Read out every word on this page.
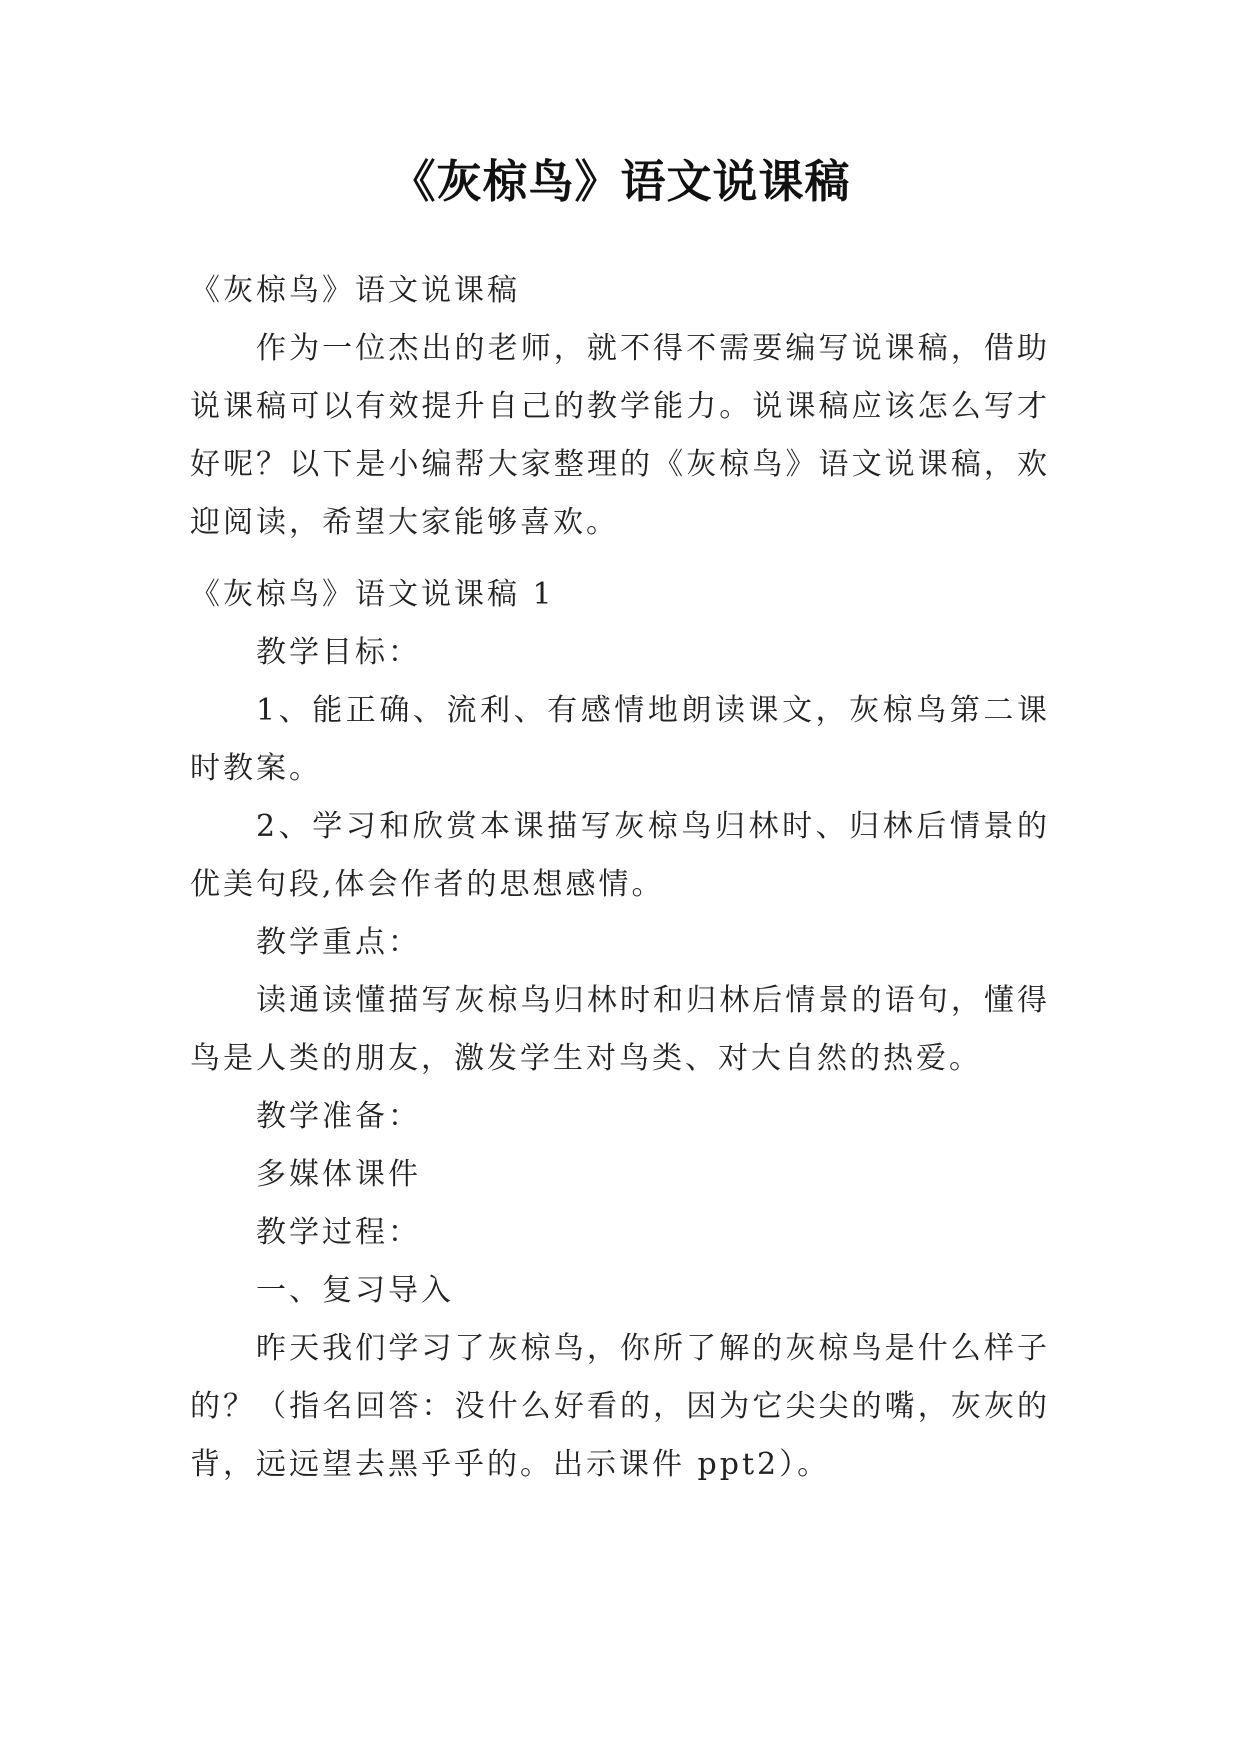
《灰椋鸟》语文说课稿

《灰椋鸟》语文说课稿

作为一位杰出的老师，就不得不需要编写说课稿，借助说课稿可以有效提升自己的教学能力。说课稿应该怎么写才好呢？以下是小编帮大家整理的《灰椋鸟》语文说课稿，欢迎阅读，希望大家能够喜欢。

《灰椋鸟》语文说课稿 1

教学目标：

1、能正确、流利、有感情地朗读课文，灰椋鸟第二课时教案。

2、学习和欣赏本课描写灰椋鸟归林时、归林后情景的优美句段,体会作者的思想感情。

教学重点：

读通读懂描写灰椋鸟归林时和归林后情景的语句，懂得鸟是人类的朋友，激发学生对鸟类、对大自然的热爱。

教学准备：

多媒体课件

教学过程：

一、复习导入

昨天我们学习了灰椋鸟，你所了解的灰椋鸟是什么样子的？（指名回答：没什么好看的，因为它尖尖的嘴，灰灰的背，远远望去黑乎乎的。出示课件 ppt2）。
